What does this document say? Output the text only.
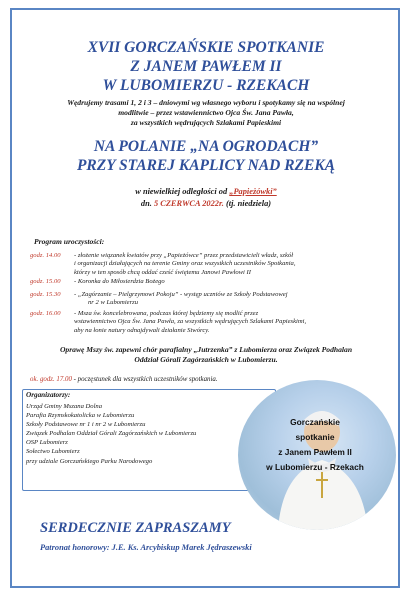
XVII GORCZAŃSKIE SPOTKANIE
Z JANEM PAWŁEM II
W LUBOMIERZU - RZEKACH
Wędrujemy trasami 1, 2 i 3 – dniowymi wg własnego wyboru i spotykamy się na wspólnej
modlitwie – przez wstawiennictwo Ojca Św. Jana Pawła,
za wszystkich wędrujących Szlakami Papieskimi
NA POLANIE „NA OGRODACH”
PRZY STAREJ KAPLICY NAD RZEKĄ
w niewielkiej odległości od „Papieżówki”
dn. 5 CZERWCA 2022r. (tj. niedziela)
Program uroczystości:
godz. 14.00 - złożenie wiązanek kwiatów przy „Papieżówce” przez przedstawicieli władz, szkół
i organizacji działających na terenie Gminy oraz wszystkich uczestników Spotkania,
którzy w ten sposób chcą oddać cześć świętemu Janowi Pawłowi II
godz. 15.00 - Koronka do Miłosierdzia Bożego
godz. 15.30 - „Zagórzanie – Pielgrzymowi Pokoju” - występ uczniów ze Szkoły Podstawowej
nr 2 w Lubomierzu
godz. 16.00 - Msza św. koncelebrowana, podczas której będziemy się modlić przez
wstawiennictwo Ojca Św. Jana Pawła, za wszystkich wędrujących Szlakami Papieskimi,
aby na łonie natury odnajdywali działanie Stwórcy.
Oprawę Mszy św. zapewni chór parafialny „Jutrzenka” z Lubomierza oraz Związek Podhalan
Oddział Górali Zagórzańskich w Lubomierzu.
ok. godz. 17.00 - poczęstunek dla wszystkich uczestników spotkania.
Organizatorzy:
Urząd Gminy Mszana Dolna
Parafia Rzymskokatolicka w Lubomierzu
Szkoły Podstawowe nr 1 i nr 2 w Lubomierzu
Związek Podhalan Oddział Górali Zagórzańskich w Lubomierzu
OSP Lubomierz
Sołectwo Lubomierz
przy udziale Gorczańskiego Parku Narodowego
Gorczańskie
spotkanie
z Janem Pawłem II
w Lubomierzu - Rzekach
SERDECZNIE ZAPRASZAMY
Patronat honorowy: J.E. Ks. Arcybiskup Marek Jędraszewski
